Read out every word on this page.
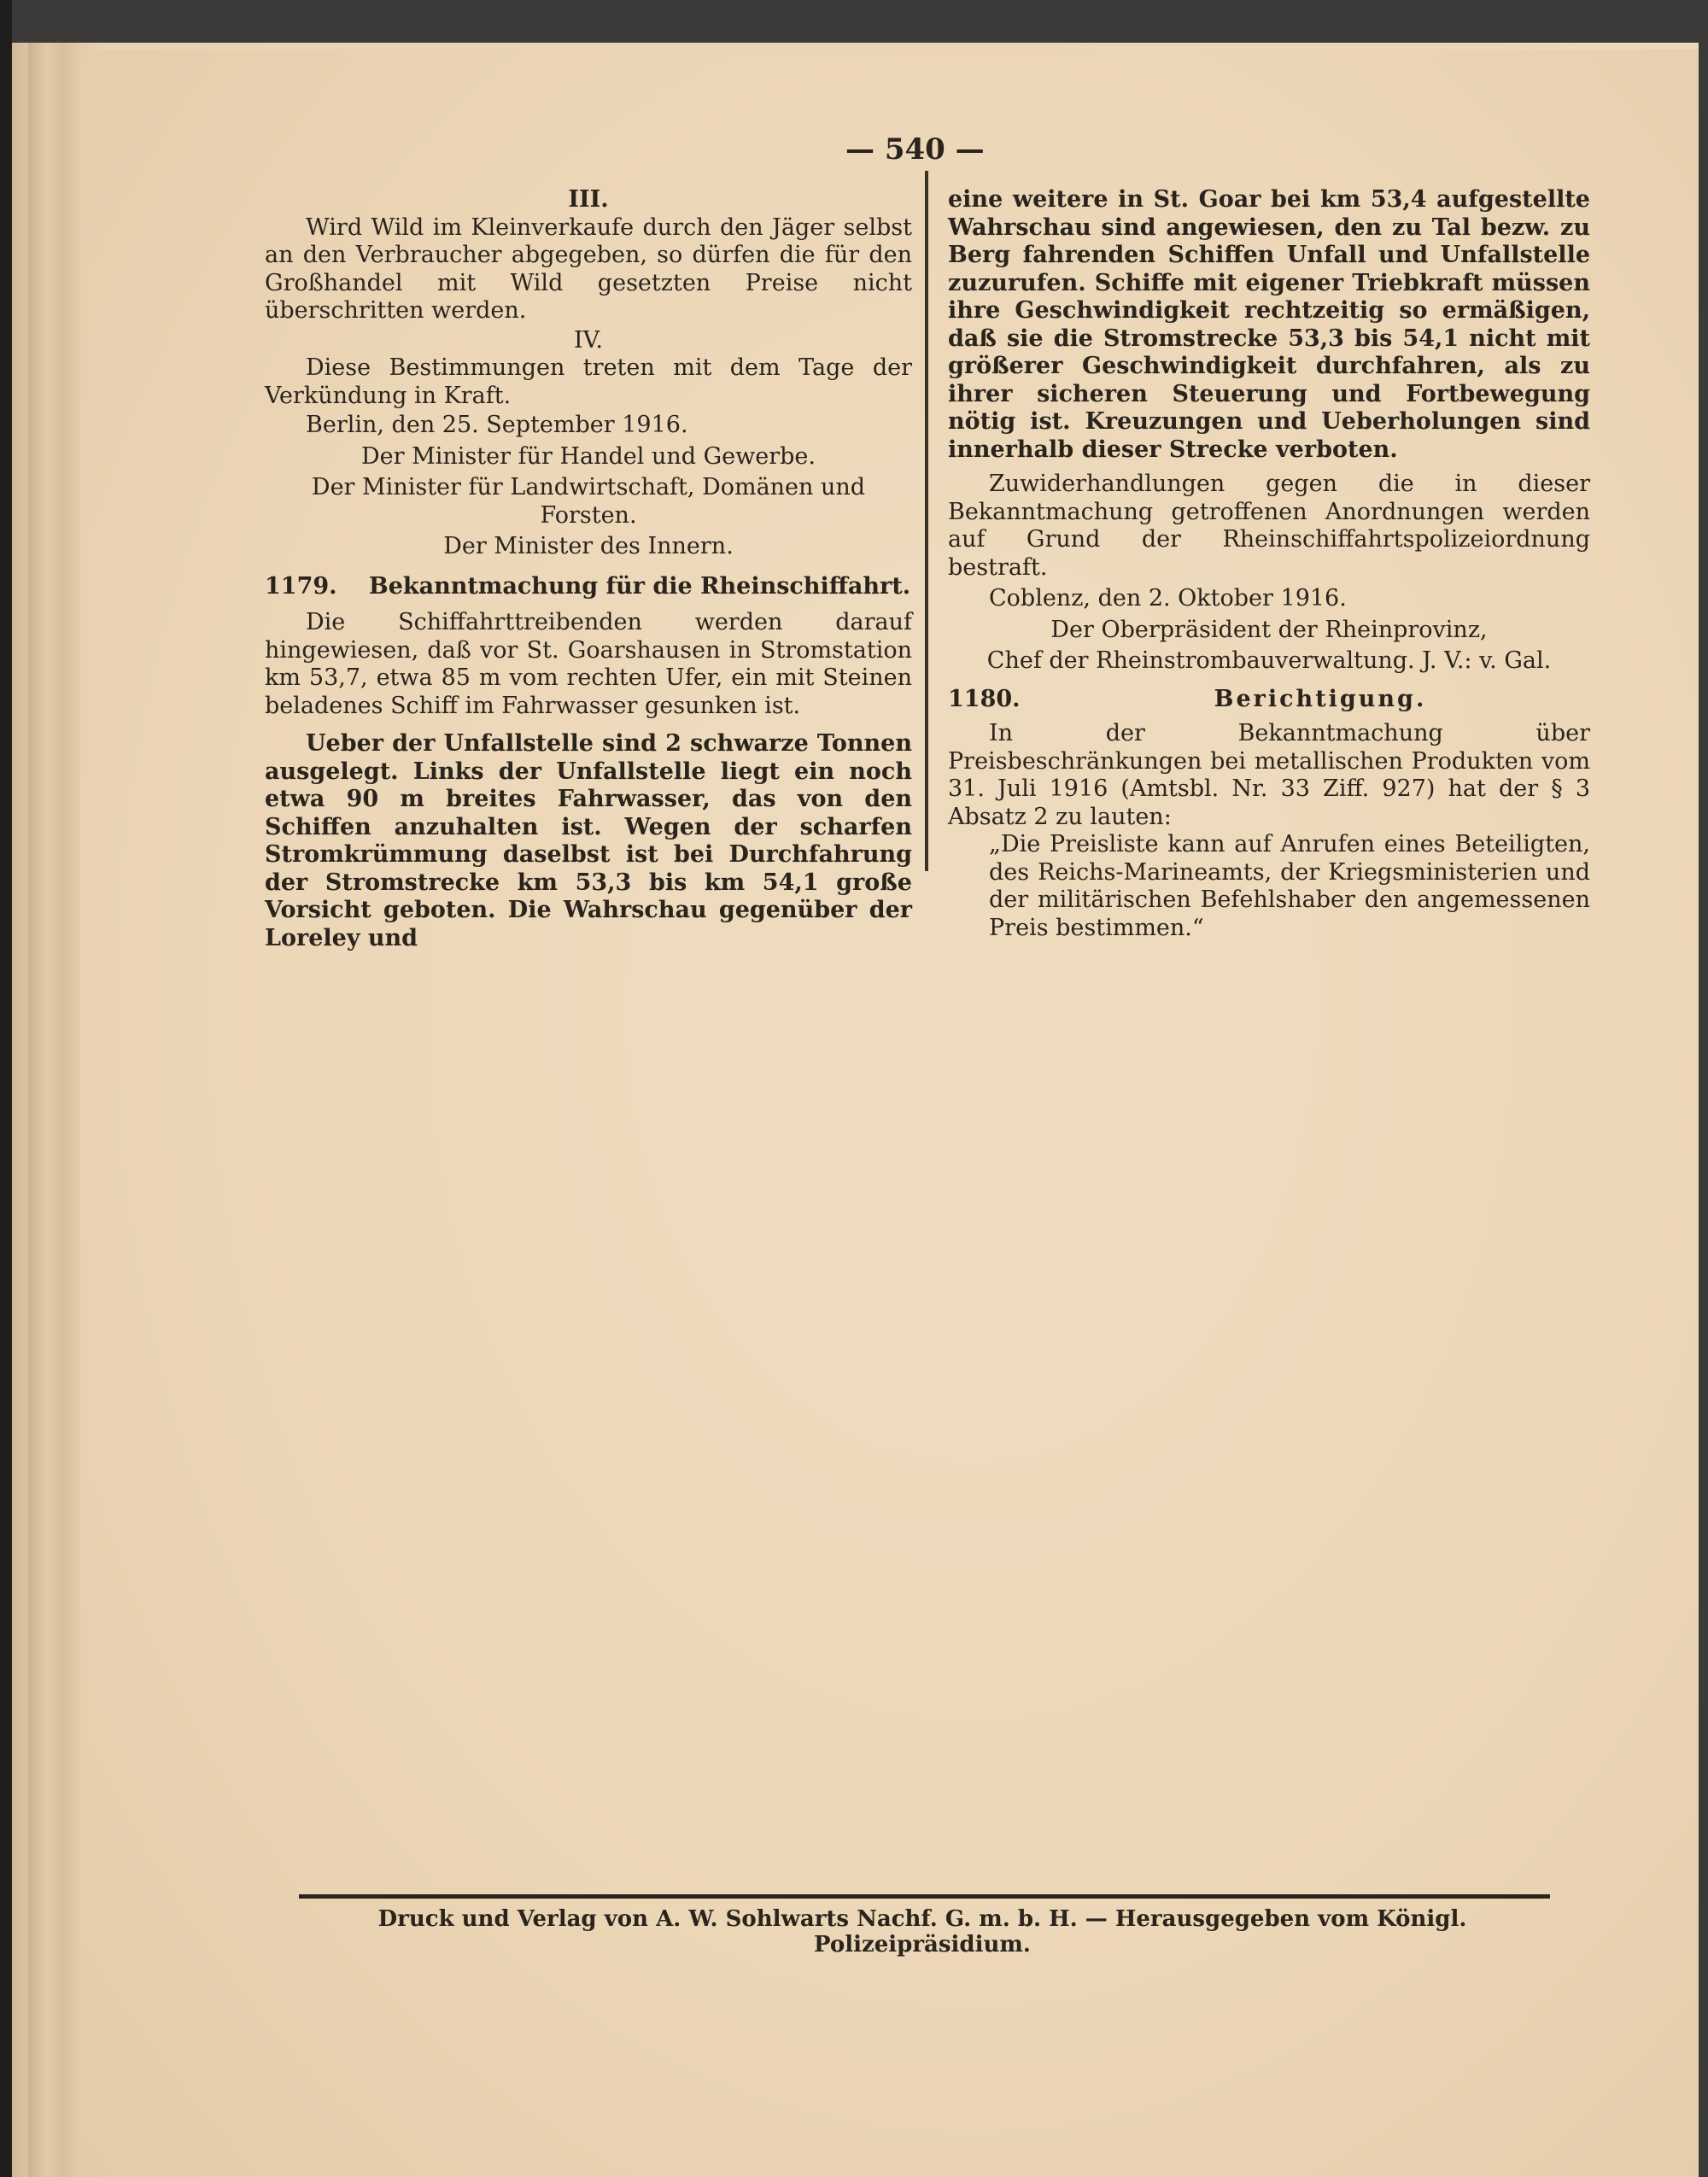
— 540 —

III.

Wird Wild im Kleinverkaufe durch den Jäger selbst an den Verbraucher abgegeben, so dürfen die für den Großhandel mit Wild gesetzten Preise nicht überschritten werden.

IV.

Diese Bestimmungen treten mit dem Tage der Verkündung in Kraft.

Berlin, den 25. September 1916.

Der Minister für Handel und Gewerbe.

Der Minister für Landwirtschaft, Domänen und Forsten.

Der Minister des Innern.

1179.	Bekanntmachung für die Rheinschiffahrt.

Die Schiffahrttreibenden werden darauf hingewiesen, daß vor St. Goarshausen in Stromstation km 53,7, etwa 85 m vom rechten Ufer, ein mit Steinen beladenes Schiff im Fahrwasser gesunken ist.

Ueber der Unfallstelle sind 2 schwarze Tonnen ausgelegt. Links der Unfallstelle liegt ein noch etwa 90 m breites Fahrwasser, das von den Schiffen anzuhalten ist. Wegen der scharfen Stromkrümmung daselbst ist bei Durchfahrung der Stromstrecke km 53,3 bis km 54,1 große Vorsicht geboten. Die Wahrschau gegenüber der Loreley und

eine weitere in St. Goar bei km 53,4 aufgestellte Wahrschau sind angewiesen, den zu Tal bezw. zu Berg fahrenden Schiffen Unfall und Unfallstelle zuzurufen. Schiffe mit eigener Triebkraft müssen ihre Geschwindigkeit rechtzeitig so ermäßigen, daß sie die Stromstrecke 53,3 bis 54,1 nicht mit größerer Geschwindigkeit durchfahren, als zu ihrer sicheren Steuerung und Fortbewegung nötig ist. Kreuzungen und Ueberholungen sind innerhalb dieser Strecke verboten.

Zuwiderhandlungen gegen die in dieser Bekanntmachung getroffenen Anordnungen werden auf Grund der Rheinschiffahrtspolizeiordnung bestraft.

Coblenz, den 2. Oktober 1916.

Der Oberpräsident der Rheinprovinz,

Chef der Rheinstrombauverwaltung. J. V.: v. Gal.

1180.	Berichtigung.

In der Bekanntmachung über Preisbeschränkungen bei metallischen Produkten vom 31. Juli 1916 (Amtsbl. Nr. 33 Ziff. 927) hat der § 3 Absatz 2 zu lauten:

„Die Preisliste kann auf Anrufen eines Beteiligten, des Reichs-Marineamts, der Kriegsministerien und der militärischen Befehlshaber den angemessenen Preis bestimmen.“

Druck und Verlag von A. W. Sohlwarts Nachf. G. m. b. H. — Herausgegeben vom Königl. Polizeipräsidium.
